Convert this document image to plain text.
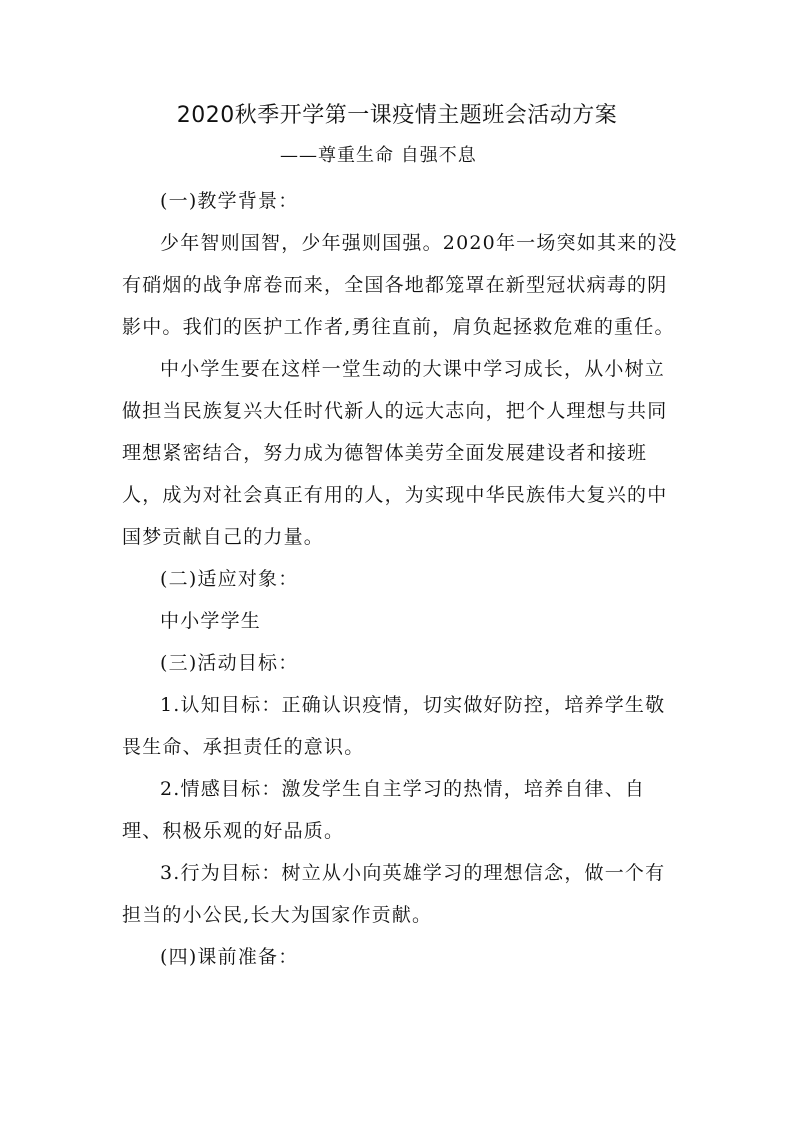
2020秋季开学第一课疫情主题班会活动方案
——尊重生命 自强不息

(一)教学背景：

少年智则国智，少年强则国强。2020年一场突如其来的没有硝烟的战争席卷而来，全国各地都笼罩在新型冠状病毒的阴影中。我们的医护工作者,勇往直前，肩负起拯救危难的重任。

中小学生要在这样一堂生动的大课中学习成长，从小树立做担当民族复兴大任时代新人的远大志向，把个人理想与共同理想紧密结合，努力成为德智体美劳全面发展建设者和接班人，成为对社会真正有用的人，为实现中华民族伟大复兴的中国梦贡献自己的力量。

(二)适应对象：

中小学学生

(三)活动目标：

1.认知目标：正确认识疫情，切实做好防控，培养学生敬畏生命、承担责任的意识。

2.情感目标：激发学生自主学习的热情，培养自律、自理、积极乐观的好品质。

3.行为目标：树立从小向英雄学习的理想信念，做一个有担当的小公民,长大为国家作贡献。

(四)课前准备：
